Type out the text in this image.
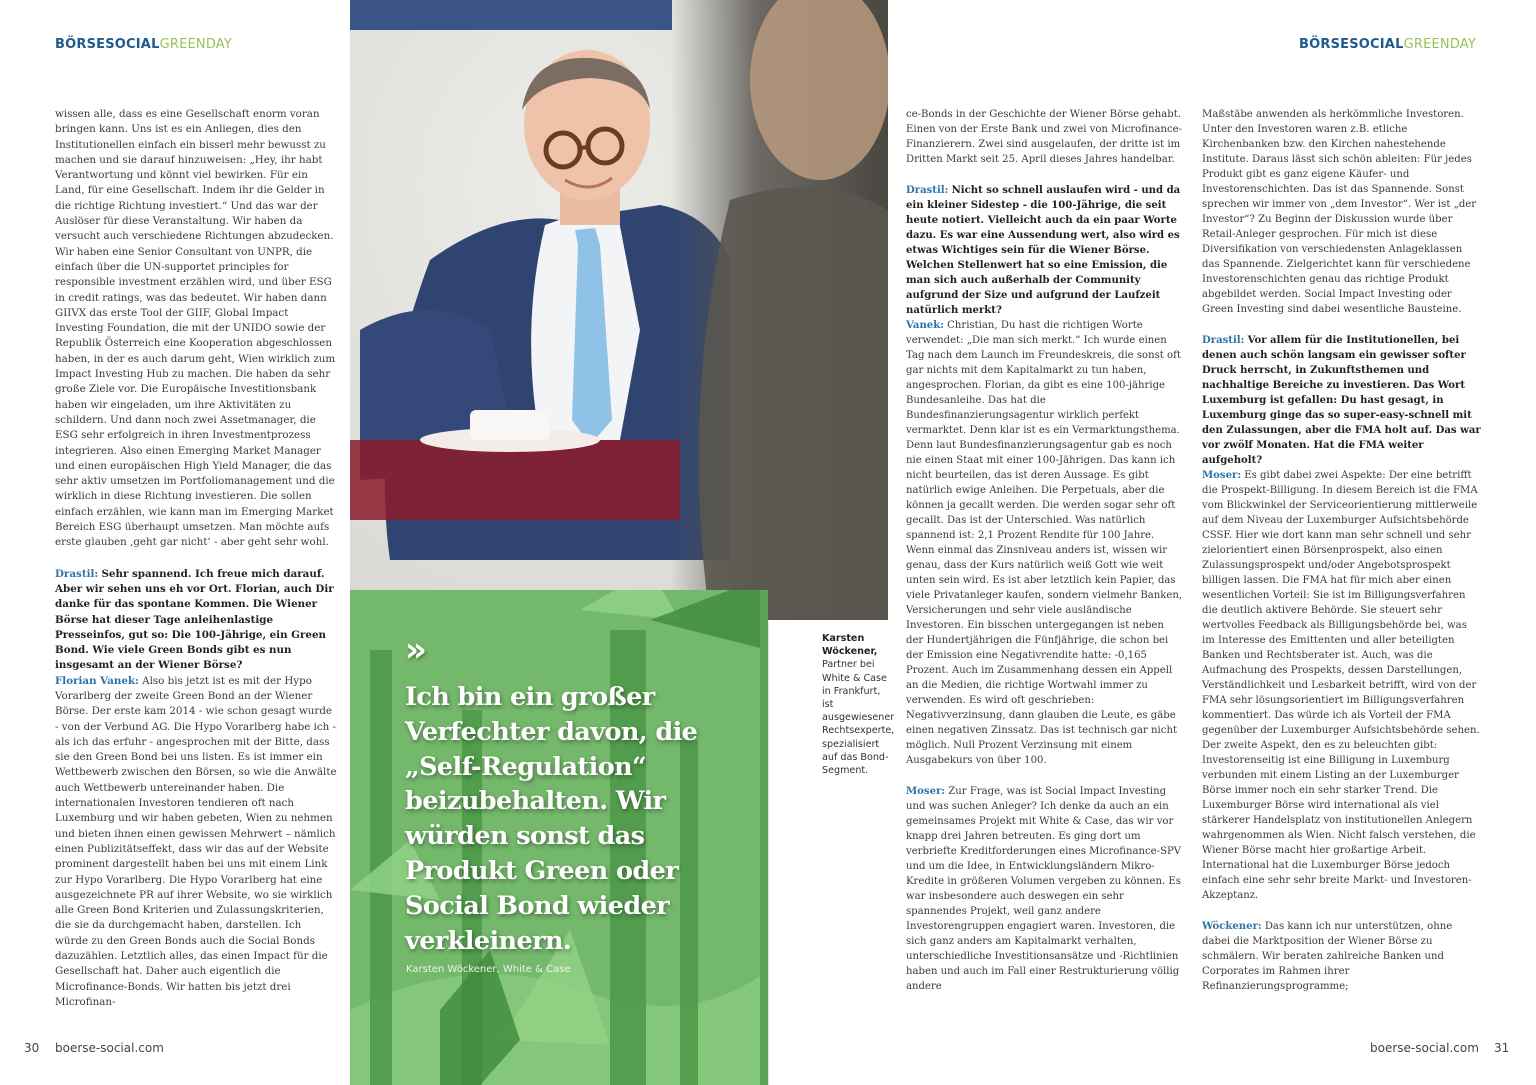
BÖRSESOCIALGREENDAY

wissen alle, dass es eine Gesellschaft enorm voran bringen kann. Uns ist es ein Anliegen, dies den Institutionellen einfach ein bisserl mehr bewusst zu machen und sie darauf hinzuweisen: „Hey, ihr habt Verantwortung und könnt viel bewirken. Für ein Land, für eine Gesellschaft. Indem ihr die Gelder in die richtige Richtung investiert.“ Und das war der Auslöser für diese Veranstaltung. Wir haben da versucht auch verschiedene Richtungen abzudecken. Wir haben eine Senior Consultant von UNPR, die einfach über die UN-supportet principles for responsible investment erzählen wird, und über ESG in credit ratings, was das bedeutet. Wir haben dann GIIVX das erste Tool der GIIF, Global Impact Investing Foundation, die mit der UNIDO sowie der Republik Österreich eine Kooperation abgeschlossen haben, in der es auch darum geht, Wien wirklich zum Impact Investing Hub zu machen. Die haben da sehr große Ziele vor. Die Europäische Investitionsbank haben wir eingeladen, um ihre Aktivitäten zu schildern. Und dann noch zwei Assetmanager, die ESG sehr erfolgreich in ihren Investmentprozess integrieren. Also einen Emerging Market Manager und einen europäischen High Yield Manager, die das sehr aktiv umsetzen im Portfoliomanagement und die wirklich in diese Richtung investieren. Die sollen einfach erzählen, wie kann man im Emerging Market Bereich ESG überhaupt umsetzen. Man möchte aufs erste glauben ‚geht gar nicht‘ - aber geht sehr wohl.

Drastil: Sehr spannend. Ich freue mich darauf. Aber wir sehen uns eh vor Ort. Florian, auch Dir danke für das spontane Kommen. Die Wiener Börse hat dieser Tage anleihenlastige Presseinfos, gut so: Die 100-Jährige, ein Green Bond. Wie viele Green Bonds gibt es nun insgesamt an der Wiener Börse?

Florian Vanek: Also bis jetzt ist es mit der Hypo Vorarlberg der zweite Green Bond an der Wiener Börse. Der erste kam 2014 - wie schon gesagt wurde - von der Verbund AG. Die Hypo Vorarlberg habe ich - als ich das erfuhr - angesprochen mit der Bitte, dass sie den Green Bond bei uns listen. Es ist immer ein Wettbewerb zwischen den Börsen, so wie die Anwälte auch Wettbewerb untereinander haben. Die internationalen Investoren tendieren oft nach Luxemburg und wir haben gebeten, Wien zu nehmen und bieten ihnen einen gewissen Mehrwert – nämlich einen Publizitätseffekt, dass wir das auf der Website prominent dargestellt haben bei uns mit einem Link zur Hypo Vorarlberg. Die Hypo Vorarlberg hat eine ausgezeichnete PR auf ihrer Website, wo sie wirklich alle Green Bond Kriterien und Zulassungskriterien, die sie da durchgemacht haben, darstellen. Ich würde zu den Green Bonds auch die Social Bonds dazuzählen. Letztlich alles, das einen Impact für die Gesellschaft hat. Daher auch eigentlich die Microfinance-Bonds. Wir hatten bis jetzt drei Microfinan-

30 boerse-social.com
»
Ich bin ein großer Verfechter davon, die „Self-Regulation“ beizubehalten. Wir würden sonst das Produkt Green oder Social Bond wieder verkleinern.
Karsten Wöckener, White & Case
Karsten Wöckener, Partner bei White & Case in Frankfurt, ist ausgewiesener Rechtsexperte, spezialisiert auf das Bond-Segment.
BÖRSESOCIALGREENDAY

ce-Bonds in der Geschichte der Wiener Börse gehabt. Einen von der Erste Bank und zwei von Microfinance-Finanzierern. Zwei sind ausgelaufen, der dritte ist im Dritten Markt seit 25. April dieses Jahres handelbar.

Drastil: Nicht so schnell auslaufen wird - und da ein kleiner Sidestep - die 100-Jährige, die seit heute notiert. Vielleicht auch da ein paar Worte dazu. Es war eine Aussendung wert, also wird es etwas Wichtiges sein für die Wiener Börse. Welchen Stellenwert hat so eine Emission, die man sich auch außerhalb der Community aufgrund der Size und aufgrund der Laufzeit natürlich merkt?

Vanek: Christian, Du hast die richtigen Worte verwendet: „Die man sich merkt.“ Ich wurde einen Tag nach dem Launch im Freundeskreis, die sonst oft gar nichts mit dem Kapitalmarkt zu tun haben, angesprochen. Florian, da gibt es eine 100-jährige Bundesanleihe. Das hat die Bundesfinanzierungsagentur wirklich perfekt vermarktet. Denn klar ist es ein Vermarktungsthema. Denn laut Bundesfinanzierungsagentur gab es noch nie einen Staat mit einer 100-Jährigen. Das kann ich nicht beurteilen, das ist deren Aussage. Es gibt natürlich ewige Anleihen. Die Perpetuals, aber die können ja gecallt werden. Die werden sogar sehr oft gecallt. Das ist der Unterschied. Was natürlich spannend ist: 2,1 Prozent Rendite für 100 Jahre. Wenn einmal das Zinsniveau anders ist, wissen wir genau, dass der Kurs natürlich weiß Gott wie weit unten sein wird. Es ist aber letztlich kein Papier, das viele Privatanleger kaufen, sondern vielmehr Banken, Versicherungen und sehr viele ausländische Investoren. Ein bisschen untergegangen ist neben der Hundertjährigen die Fünfjährige, die schon bei der Emission eine Negativrendite hatte: -0,165 Prozent. Auch im Zusammenhang dessen ein Appell an die Medien, die richtige Wortwahl immer zu verwenden. Es wird oft geschrieben: Negativverzinsung, dann glauben die Leute, es gäbe einen negativen Zinssatz. Das ist technisch gar nicht möglich. Null Prozent Verzinsung mit einem Ausgabekurs von über 100.

Moser: Zur Frage, was ist Social Impact Investing und was suchen Anleger? Ich denke da auch an ein gemeinsames Projekt mit White & Case, das wir vor knapp drei Jahren betreuten. Es ging dort um verbriefte Kreditforderungen eines Microfinance-SPV und um die Idee, in Entwicklungsländern Mikro-Kredite in größeren Volumen vergeben zu können. Es war insbesondere auch deswegen ein sehr spannendes Projekt, weil ganz andere Investorengruppen engagiert waren. Investoren, die sich ganz anders am Kapitalmarkt verhalten, unterschiedliche Investitionsansätze und -Richtlinien haben und auch im Fall einer Restrukturierung völlig andere

Maßstäbe anwenden als herkömmliche Investoren. Unter den Investoren waren z.B. etliche Kirchenbanken bzw. den Kirchen nahestehende Institute. Daraus lässt sich schön ableiten: Für jedes Produkt gibt es ganz eigene Käufer- und Investorenschichten. Das ist das Spannende. Sonst sprechen wir immer von „dem Investor“. Wer ist „der Investor“? Zu Beginn der Diskussion wurde über Retail-Anleger gesprochen. Für mich ist diese Diversifikation von verschiedensten Anlageklassen das Spannende. Zielgerichtet kann für verschiedene Investorenschichten genau das richtige Produkt abgebildet werden. Social Impact Investing oder Green Investing sind dabei wesentliche Bausteine.

Drastil: Vor allem für die Institutionellen, bei denen auch schön langsam ein gewisser softer Druck herrscht, in Zukunftsthemen und nachhaltige Bereiche zu investieren. Das Wort Luxemburg ist gefallen: Du hast gesagt, in Luxemburg ginge das so super-easy-schnell mit den Zulassungen, aber die FMA holt auf. Das war vor zwölf Monaten. Hat die FMA weiter aufgeholt?

Moser: Es gibt dabei zwei Aspekte: Der eine betrifft die Prospekt-Billigung. In diesem Bereich ist die FMA vom Blickwinkel der Serviceorientierung mittlerweile auf dem Niveau der Luxemburger Aufsichtsbehörde CSSF. Hier wie dort kann man sehr schnell und sehr zielorientiert einen Börsenprospekt, also einen Zulassungsprospekt und/oder Angebotsprospekt billigen lassen. Die FMA hat für mich aber einen wesentlichen Vorteil: Sie ist im Billigungsverfahren die deutlich aktivere Behörde. Sie steuert sehr wertvolles Feedback als Billigungsbehörde bei, was im Interesse des Emittenten und aller beteiligten Banken und Rechtsberater ist. Auch, was die Aufmachung des Prospekts, dessen Darstellungen, Verständlichkeit und Lesbarkeit betrifft, wird von der FMA sehr lösungsorientiert im Billigungsverfahren kommentiert. Das würde ich als Vorteil der FMA gegenüber der Luxemburger Aufsichtsbehörde sehen. Der zweite Aspekt, den es zu beleuchten gibt: Investorenseitig ist eine Billigung in Luxemburg verbunden mit einem Listing an der Luxemburger Börse immer noch ein sehr starker Trend. Die Luxemburger Börse wird international als viel stärkerer Handelsplatz von institutionellen Anlegern wahrgenommen als Wien. Nicht falsch verstehen, die Wiener Börse macht hier großartige Arbeit. International hat die Luxemburger Börse jedoch einfach eine sehr sehr breite Markt- und Investoren-Akzeptanz.

Wöckener: Das kann ich nur unterstützen, ohne dabei die Marktposition der Wiener Börse zu schmälern. Wir beraten zahlreiche Banken und Corporates im Rahmen ihrer Refinanzierungsprogramme;

boerse-social.com 31
